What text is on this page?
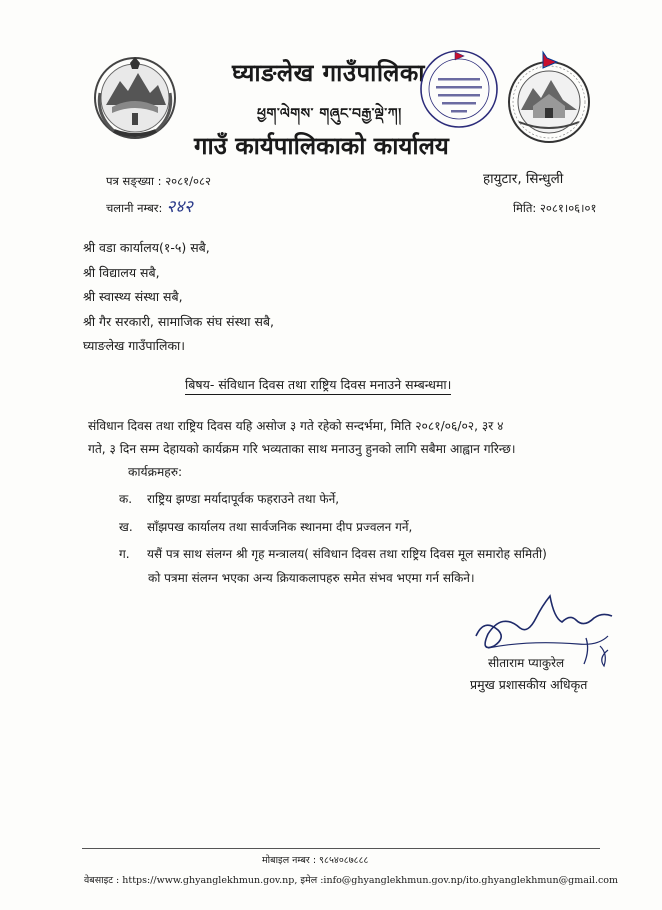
घ्याङलेख गाउँपालिका
ཕྱག་ལེགས་ གཞུང་བརྒྱ་ལྡེ་ཀ།
गाउँ कार्यपालिकाको कार्यालय
हायुटार, सिन्धुली
पत्र सङ्ख्या : २०८१/०८२
चलानी नम्बर: २४२	मिति: २०८१।०६।०१
श्री वडा कार्यालय(१-५) सबै,
श्री विद्यालय सबै,
श्री स्वास्थ्य संस्था सबै,
श्री गैर सरकारी, सामाजिक संघ संस्था सबै,
घ्याङलेख गाउँपालिका।
बिषय- संविधान दिवस तथा राष्ट्रिय दिवस मनाउने सम्बन्धमा।
संविधान दिवस तथा राष्ट्रिय दिवस यहि असोज ३ गते रहेको सन्दर्भमा, मिति २०८१/०६/०२, ३र ४
गते, ३ दिन सम्म देहायको कार्यक्रम गरि भव्यताका साथ मनाउनु हुनको लागि सबैमा आह्वान गरिन्छ।
कार्यक्रमहरु:
क. राष्ट्रिय झण्डा मर्यादापूर्वक फहराउने तथा फेर्ने,
ख. साँझपख कार्यालय तथा सार्वजनिक स्थानमा दीप प्रज्वलन गर्ने,
ग. यसैं पत्र साथ संलग्न श्री गृह मन्त्रालय( संविधान दिवस तथा राष्ट्रिय दिवस मूल समारोह समिती)
को पत्रमा संलग्न भएका अन्य क्रियाकलापहरु समेत संभव भएमा गर्न सकिने।
सीताराम प्याकुरेल
प्रमुख प्रशासकीय अधिकृत
मोबाइल नम्बर : ९८५४०८७८८८
वेबसाइट : https://www.ghyanglekhmun.gov.np, इमेल :info@ghyanglekhmun.gov.np/ito.ghyanglekhmun@gmail.com
